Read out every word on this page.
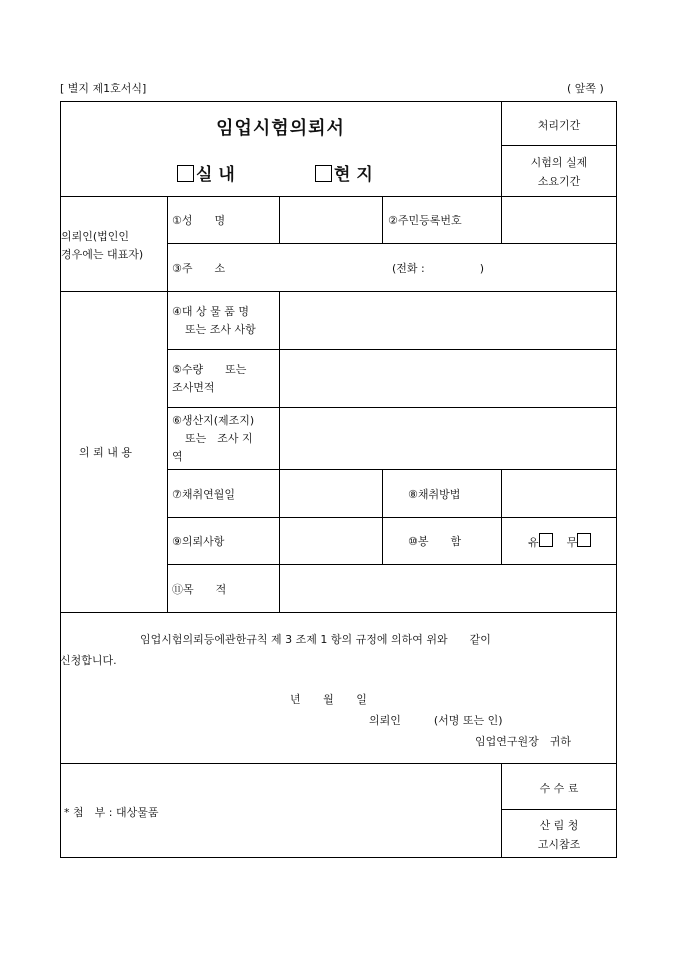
[ 별지 제1호서식]	( 앞쪽 )
임업시험의뢰서
실 내	현 지
처리기간
시험의 실제
소요기간
의뢰인(법인인
경우에는 대표자)
①성　　명	②주민등록번호
③주　　소	(전화 :　　　　　)
의 뢰 내 용
④대 상 물 품 명
또는 조사 사항
⑤수량　　또는
조사면적
⑥생산지(제조지)
또는　조사 지
역
⑦채취연월일	⑧채취방법
⑨의뢰사항	⑩봉　　함	유	무
⑪목　　적
임업시험의뢰등에관한규칙 제 3 조제 1 항의 규정에 의하여 위와　　같이
신청합니다.
년　 월　 일
의뢰인　　　(서명 또는 인)
임업연구원장　귀하
* 첨　부 : 대상물품
수 수 료
산 림 청
고시참조
